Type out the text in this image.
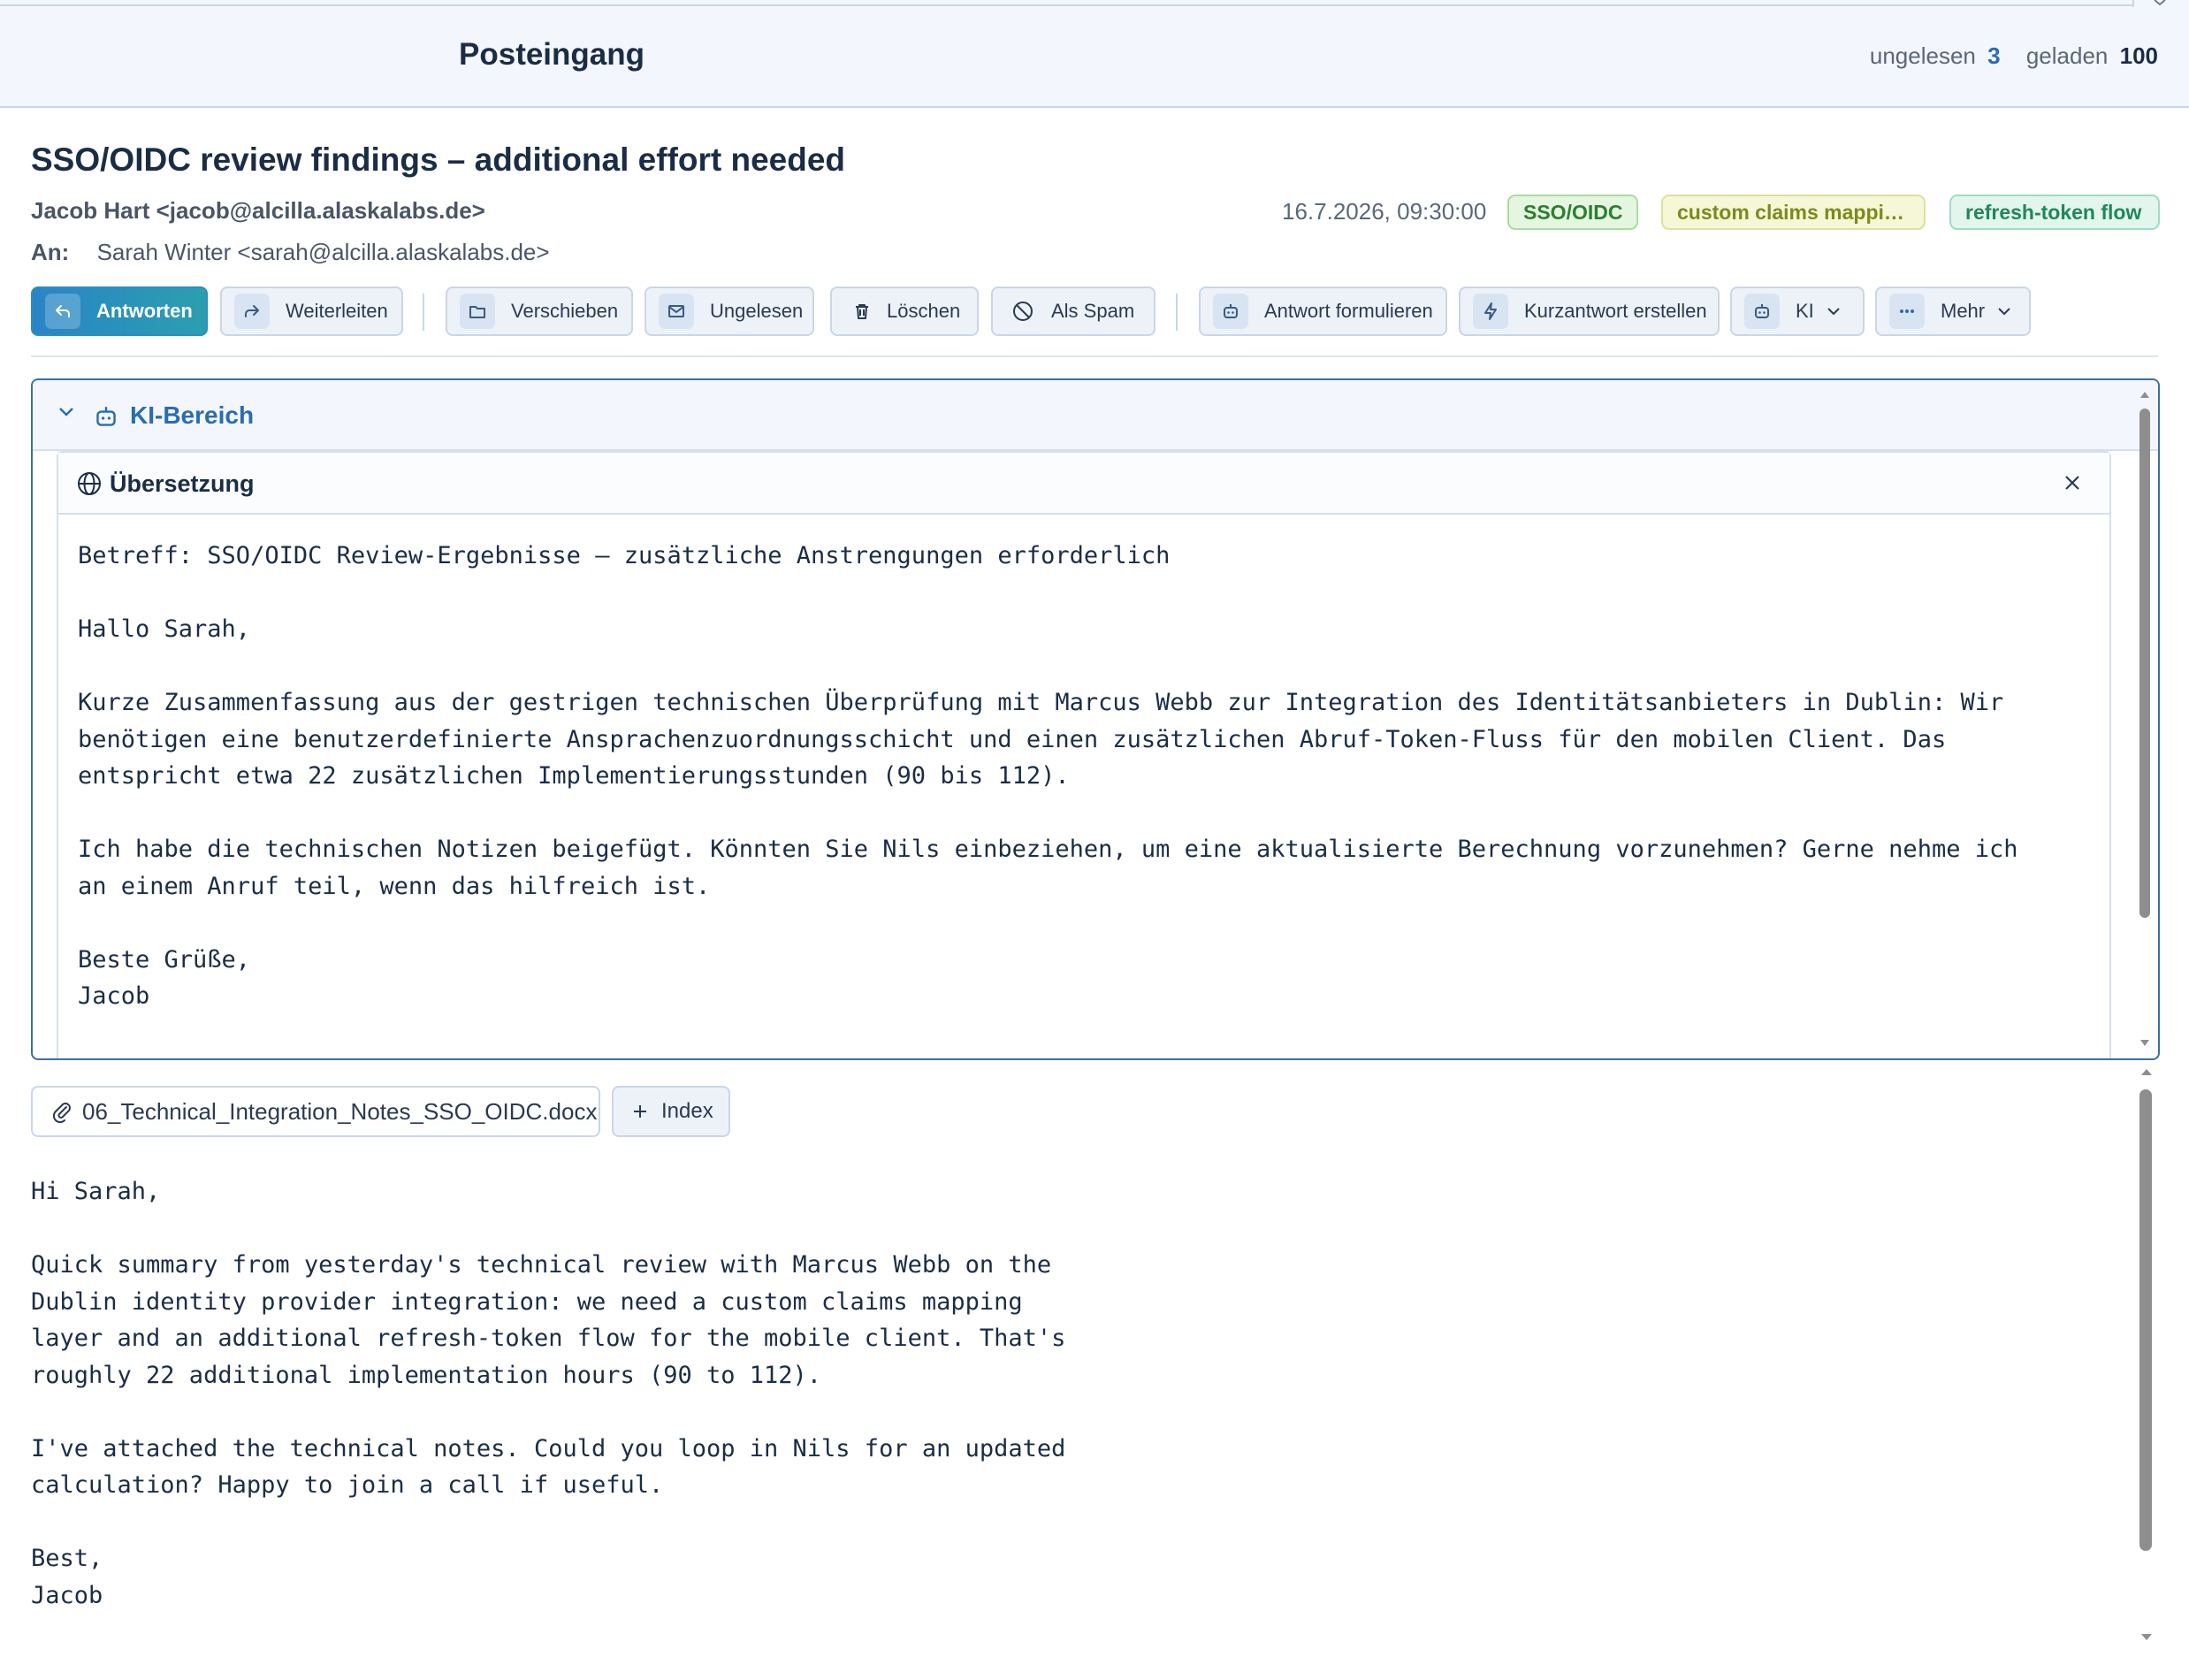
Posteingang	ungelesen 3 geladen 100
SSO/OIDC review findings – additional effort needed
Jacob Hart <jacob@alcilla.alaskalabs.de>
An: Sarah Winter <sarah@alcilla.alaskalabs.de>
16.7.2026, 09:30:00	SSO/OIDC	custom claims mappi…	refresh-token flow
Antworten	Weiterleiten	Verschieben	Ungelesen	Löschen	Als Spam	Antwort formulieren	Kurzantwort erstellen	KI	Mehr
KI-Bereich
Übersetzung
Betreff: SSO/OIDC Review-Ergebnisse – zusätzliche Anstrengungen erforderlich

Hallo Sarah,

Kurze Zusammenfassung aus der gestrigen technischen Überprüfung mit Marcus Webb zur Integration des Identitätsanbieters in Dublin: Wir
benötigen eine benutzerdefinierte Ansprachenzuordnungsschicht und einen zusätzlichen Abruf-Token-Fluss für den mobilen Client. Das
entspricht etwa 22 zusätzlichen Implementierungsstunden (90 bis 112).

Ich habe die technischen Notizen beigefügt. Könnten Sie Nils einbeziehen, um eine aktualisierte Berechnung vorzunehmen? Gerne nehme ich
an einem Anruf teil, wenn das hilfreich ist.

Beste Grüße,
Jacob
06_Technical_Integration_Notes_SSO_OIDC.docx	Index
Hi Sarah,

Quick summary from yesterday's technical review with Marcus Webb on the
Dublin identity provider integration: we need a custom claims mapping
layer and an additional refresh-token flow for the mobile client. That's
roughly 22 additional implementation hours (90 to 112).

I've attached the technical notes. Could you loop in Nils for an updated
calculation? Happy to join a call if useful.

Best,
Jacob
